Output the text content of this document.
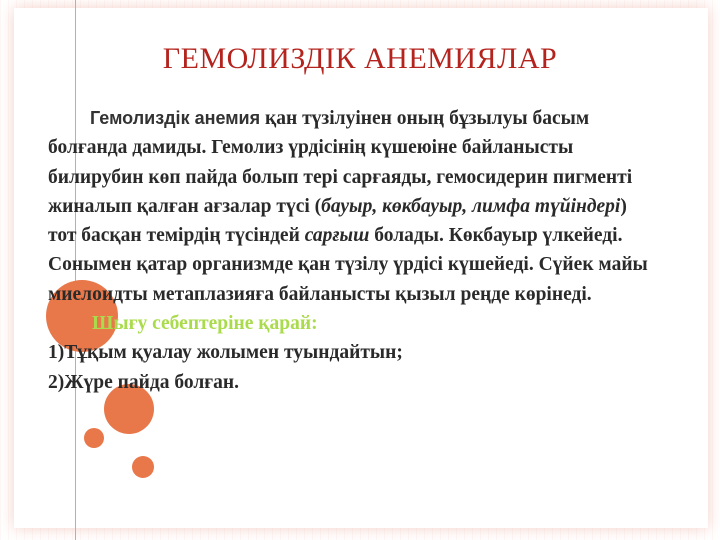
ГЕМОЛИЗДІК АНЕМИЯЛАР

Гемолиздік анемия қан түзілуінен оның бұзылуы басым болғанда дамиды. Гемолиз үрдісінің күшеюіне байланысты билирубин көп пайда болып тері сарғаяды, гемосидерин пигменті жиналып қалған ағзалар түсі (бауыр, көкбауыр, лимфа түйіндері) тот басқан темірдің түсіндей сарғыш болады. Көкбауыр үлкейеді. Сонымен қатар организмде қан түзілу үрдісі күшейеді. Сүйек майы миелоидты метаплазияға байланысты қызыл реңде көрінеді.

Шығу себептеріне қарай:

1)Тұқым қуалау жолымен туындайтын;

2)Жүре пайда болған.
